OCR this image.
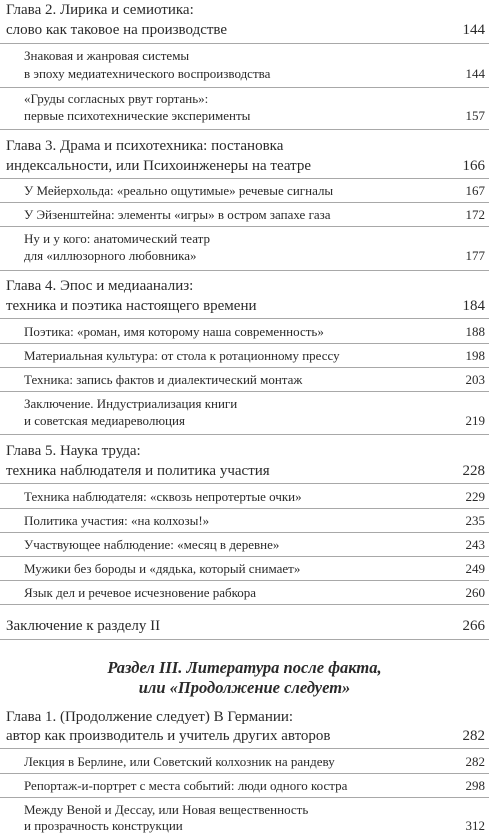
Глава 2. Лирика и семиотика:
слово как таковое на производстве	144
Знаковая и жанровая системы
в эпоху медиатехнического воспроизводства	144
«Груды согласных рвут гортань»:
первые психотехнические эксперименты	157
Глава 3. Драма и психотехника: постановка
индексальности, или Психоинженеры на театре	166
У Мейерхольда: «реально ощутимые» речевые сигналы	167
У Эйзенштейна: элементы «игры» в остром запахе газа	172
Ну и у кого: анатомический театр
для «иллюзорного любовника»	177
Глава 4. Эпос и медиаанализ:
техника и поэтика настоящего времени	184
Поэтика: «роман, имя которому наша современность»	188
Материальная культура: от стола к ротационному прессу	198
Техника: запись фактов и диалектический монтаж	203
Заключение. Индустриализация книги
и советская медиареволюция	219
Глава 5. Наука труда:
техника наблюдателя и политика участия	228
Техника наблюдателя: «сквозь непротертые очки»	229
Политика участия: «на колхозы!»	235
Участвующее наблюдение: «месяц в деревне»	243
Мужики без бороды и «дядька, который снимает»	249
Язык дел и речевое исчезновение рабкора	260
Заключение к разделу II	266
Раздел III. Литература после факта,
или «Продолжение следует»
Глава 1. (Продолжение следует) В Германии:
автор как производитель и учитель других авторов	282
Лекция в Берлине, или Советский колхозник на рандеву	282
Репортаж-и-портрет с места событий: люди одного костра	298
Между Веной и Дессау, или Новая вещественность
и прозрачность конструкции	312
